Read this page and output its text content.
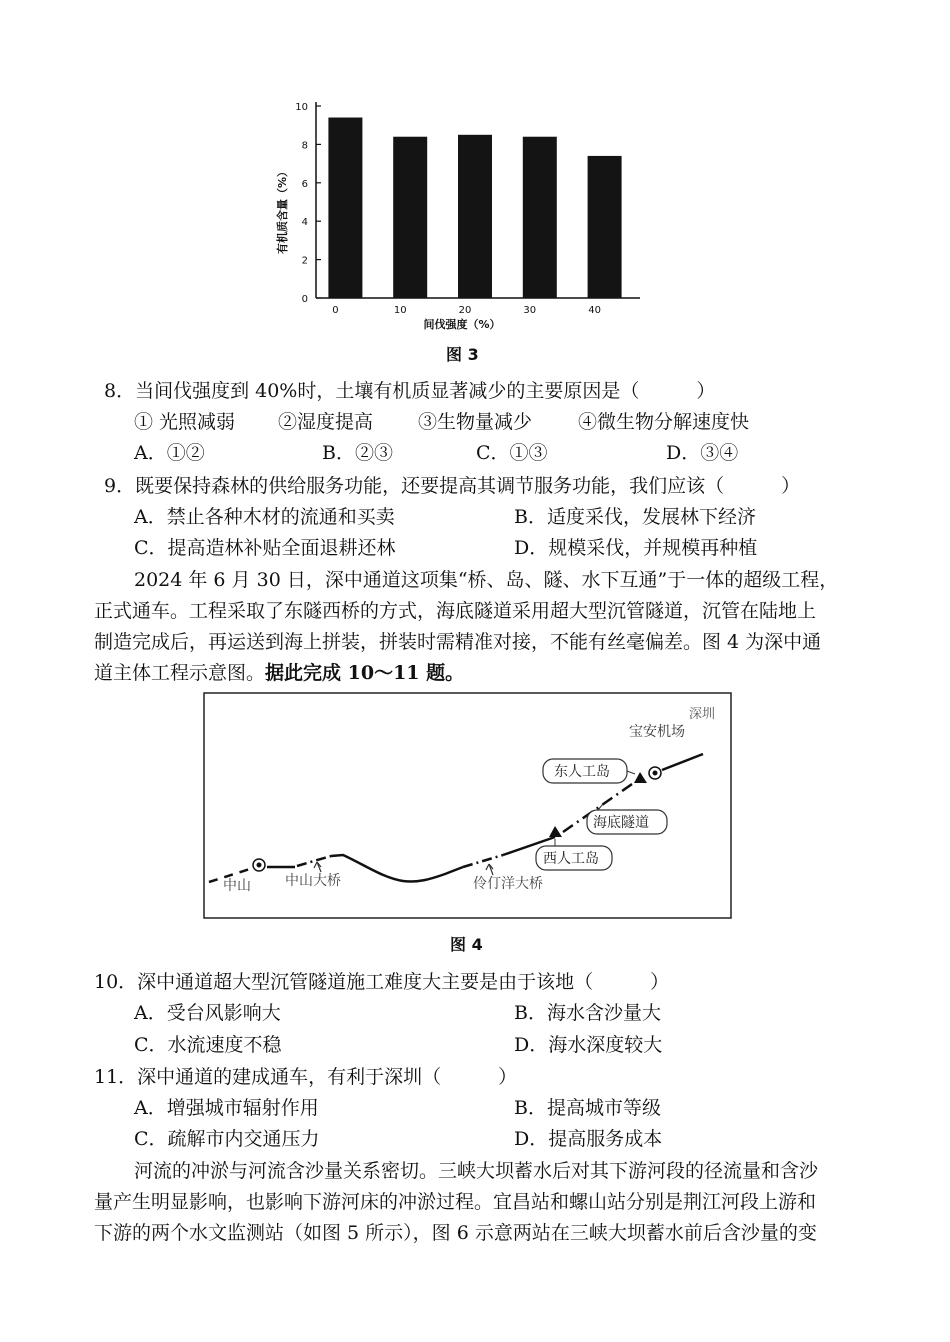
0
2
4
6
8
10
0	10	20	30	40
间伐强度（%）
有机质含量（%）
图 3
8．当间伐强度到 40%时，土壤有机质显著减少的主要原因是（　　　）
① 光照减弱 ②湿度提高 ③生物量减少 ④微生物分解速度快
A．①②	B．②③	C．①③	D．③④
9．既要保持森林的供给服务功能，还要提高其调节服务功能，我们应该（　　　）
A．禁止各种木材的流通和买卖	B．适度采伐，发展林下经济
C．提高造林补贴全面退耕还林	D．规模采伐，并规模再种植
2024 年 6 月 30 日，深中通道这项集“桥、岛、隧、水下互通”于一体的超级工程，
正式通车。工程采取了东隧西桥的方式，海底隧道采用超大型沉管隧道，沉管在陆地上
制造完成后，再运送到海上拼装，拼装时需精准对接，不能有丝毫偏差。图 4 为深中通
道主体工程示意图。据此完成 10～11 题。
深圳
宝安机场
东人工岛
海底隧道
西人工岛
中山 中山大桥	伶仃洋大桥
图 4
10．深中通道超大型沉管隧道施工难度大主要是由于该地（　　　）
A．受台风影响大	B．海水含沙量大
C．水流速度不稳	D．海水深度较大
11．深中通道的建成通车，有利于深圳（　　　）
A．增强城市辐射作用	B．提高城市等级
C．疏解市内交通压力	D．提高服务成本
河流的冲淤与河流含沙量关系密切。三峡大坝蓄水后对其下游河段的径流量和含沙
量产生明显影响，也影响下游河床的冲淤过程。宜昌站和螺山站分别是荆江河段上游和
下游的两个水文监测站（如图 5 所示），图 6 示意两站在三峡大坝蓄水前后含沙量的变
